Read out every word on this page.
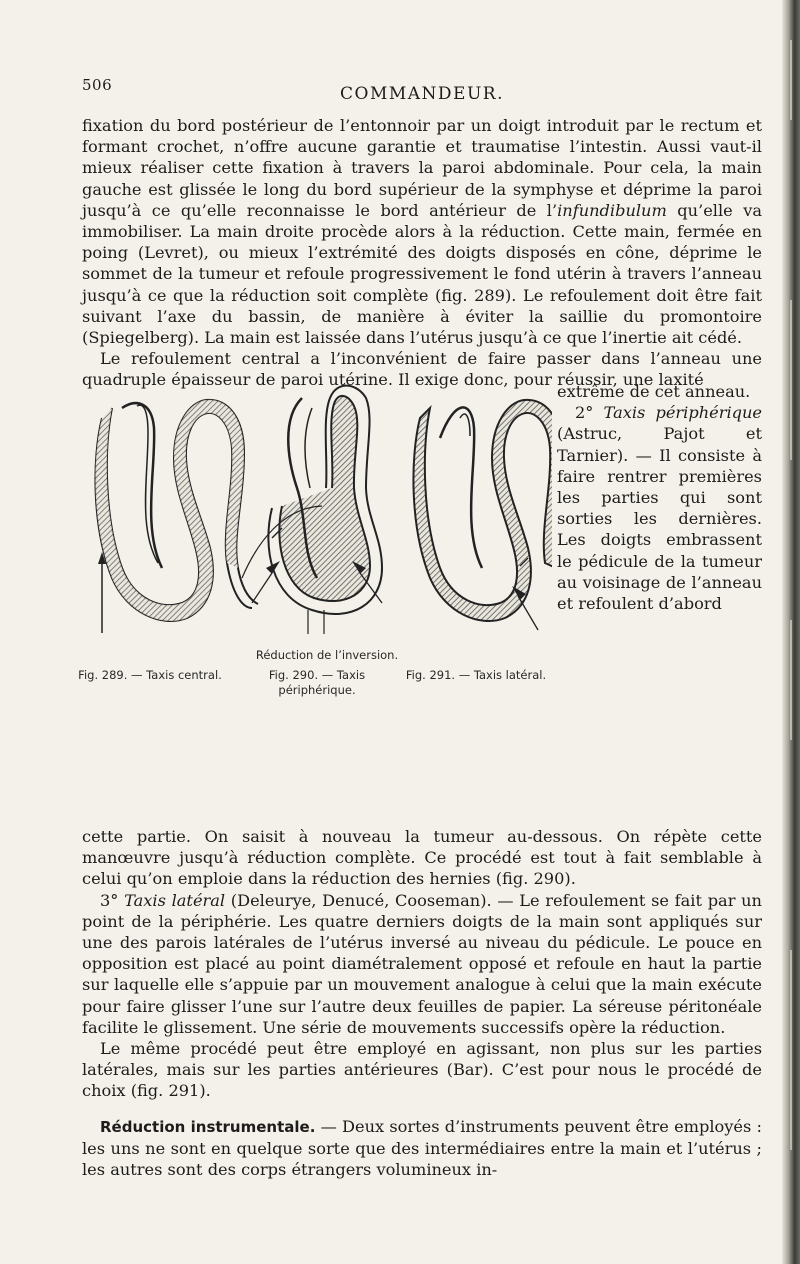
506	COMMANDEUR.

fixation du bord postérieur de l’entonnoir par un doigt introduit par le rectum et formant crochet, n’offre aucune garantie et traumatise l’intestin. Aussi vaut-il mieux réaliser cette fixation à travers la paroi abdominale. Pour cela, la main gauche est glissée le long du bord supérieur de la symphyse et déprime la paroi jusqu’à ce qu’elle reconnaisse le bord antérieur de l’infundibulum qu’elle va immobiliser. La main droite procède alors à la réduction. Cette main, fermée en poing (Levret), ou mieux l’extrémité des doigts disposés en cône, déprime le sommet de la tumeur et refoule progressivement le fond utérin à travers l’anneau jusqu’à ce que la réduction soit complète (fig. 289). Le refoulement doit être fait suivant l’axe du bassin, de manière à éviter la saillie du promontoire (Spiegelberg). La main est laissée dans l’utérus jusqu’à ce que l’inertie ait cédé.

Le refoulement central a l’inconvénient de faire passer dans l’anneau une quadruple épaisseur de paroi utérine. Il exige donc, pour réussir, une laxité

extrême de cet anneau.

2° Taxis périphérique (Astruc, Pajot et Tarnier). — Il consiste à faire rentrer premières les parties qui sont sorties les dernières. Les doigts embrassent le pédicule de la tumeur au voisinage de l’anneau et refoulent d’abord

Réduction de l’inversion.
Fig. 289. — Taxis central.	Fig. 290. — Taxis périphérique.
Fig. 291. — Taxis latéral.

cette partie. On saisit à nouveau la tumeur au-dessous. On répète cette manœuvre jusqu’à réduction complète. Ce procédé est tout à fait semblable à celui qu’on emploie dans la réduction des hernies (fig. 290).

3° Taxis latéral (Deleurye, Denucé, Cooseman). — Le refoulement se fait par un point de la périphérie. Les quatre derniers doigts de la main sont appliqués sur une des parois latérales de l’utérus inversé au niveau du pédicule. Le pouce en opposition est placé au point diamétralement opposé et refoule en haut la partie sur laquelle elle s’appuie par un mouvement analogue à celui que la main exécute pour faire glisser l’une sur l’autre deux feuilles de papier. La séreuse péritonéale facilite le glissement. Une série de mouvements successifs opère la réduction.

Le même procédé peut être employé en agissant, non plus sur les parties latérales, mais sur les parties antérieures (Bar). C’est pour nous le procédé de choix (fig. 291).

Réduction instrumentale. — Deux sortes d’instruments peuvent être employés : les uns ne sont en quelque sorte que des intermédiaires entre la main et l’utérus ; les autres sont des corps étrangers volumineux in-
